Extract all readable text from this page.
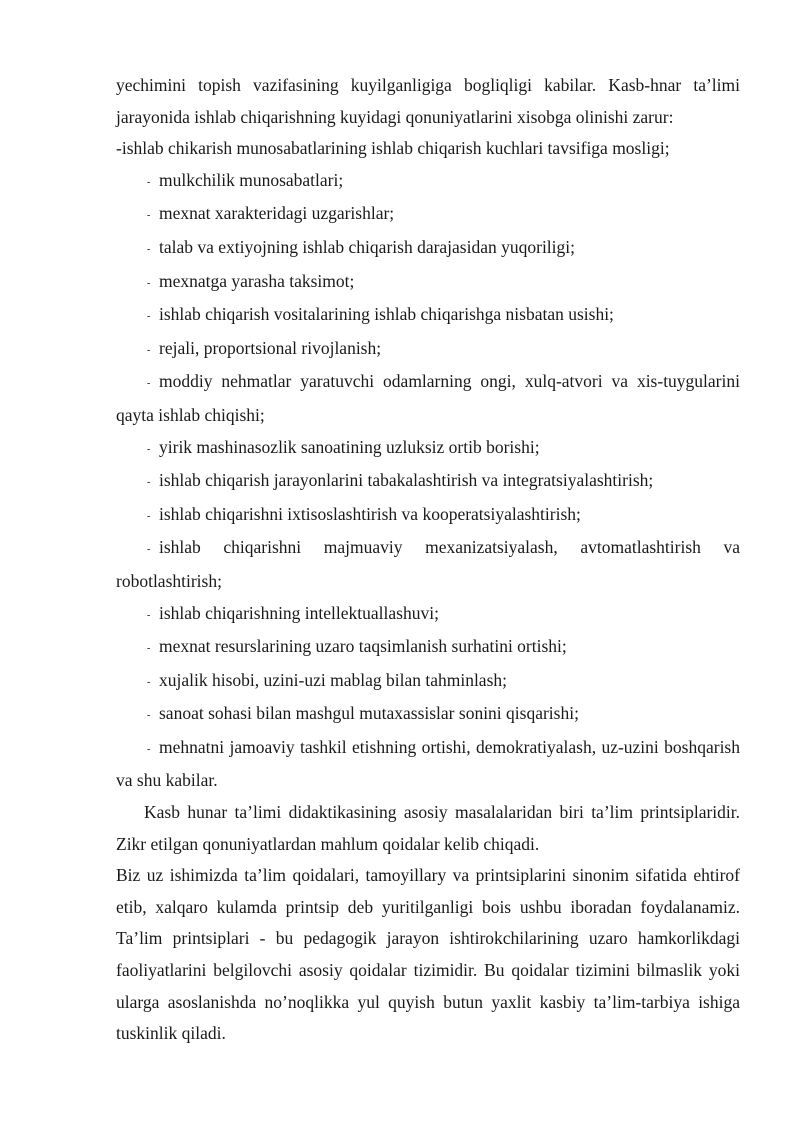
yechimini topish vazifasining kuyilganligiga bogliqligi kabilar. Kasb-hnar ta’limi jarayonida ishlab chiqarishning kuyidagi qonuniyatlarini xisobga olinishi zarur:

-ishlab chikarish munosabatlarining ishlab chiqarish kuchlari tavsifiga mosligi;

- mulkchilik munosabatlari;

- mexnat xarakteridagi uzgarishlar;

- talab va extiyojning ishlab chiqarish darajasidan yuqoriligi;

- mexnatga yarasha taksimot;

- ishlab chiqarish vositalarining ishlab chiqarishga nisbatan usishi;

- rejali, proportsional rivojlanish;

- moddiy nehmatlar yaratuvchi odamlarning ongi, xulq-atvori va xis-tuygularini qayta ishlab chiqishi;

- yirik mashinasozlik sanoatining uzluksiz ortib borishi;

- ishlab chiqarish jarayonlarini tabakalashtirish va integratsiyalashtirish;

- ishlab chiqarishni ixtisoslashtirish va kooperatsiyalashtirish;

- ishlab chiqarishni majmuaviy mexanizatsiyalash, avtomatlashtirish va robotlashtirish;

- ishlab chiqarishning intellektuallashuvi;

- mexnat resurslarining uzaro taqsimlanish surhatini ortishi;

- xujalik hisobi, uzini-uzi mablag bilan tahminlash;

- sanoat sohasi bilan mashgul mutaxassislar sonini qisqarishi;

- mehnatni jamoaviy tashkil etishning ortishi, demokratiyalash, uz-uzini boshqarish va shu kabilar.

Kasb hunar ta’limi didaktikasining asosiy masalalaridan biri ta’lim printsiplaridir. Zikr etilgan qonuniyatlardan mahlum qoidalar kelib chiqadi.

Biz uz ishimizda ta’lim qoidalari, tamoyillary va printsiplarini sinonim sifatida ehtirof etib, xalqaro kulamda printsip deb yuritilganligi bois ushbu iboradan foydalanamiz. Ta’lim printsiplari - bu pedagogik jarayon ishtirokchilarining uzaro hamkorlikdagi faoliyatlarini belgilovchi asosiy qoidalar tizimidir. Bu qoidalar tizimini bilmaslik yoki ularga asoslanishda no’noqlikka yul quyish butun yaxlit kasbiy ta’lim-tarbiya ishiga tuskinlik qiladi.
